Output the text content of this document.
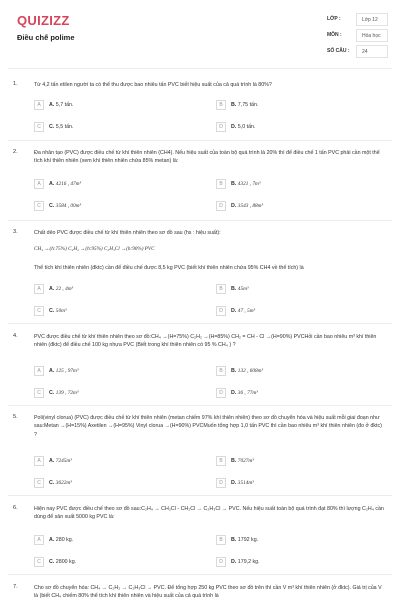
QUIZIZZ
Điều chế polime
LỚP :	Lớp 12
MÔN :	Hóa học
SỐ CÂU :	24
1.	Từ 4,2 tấn etilen người ta có thể thu được bao nhiêu tấn PVC biết hiệu suất của cả quá trình là 80%?
A	A. 5,7 tấn.	B	B. 7,75 tấn.
C	C. 5,5 tấn.	D	D. 5,0 tấn.
2.	Đa nhân tạo (PVC) được điều chế từ khí thiên nhiên (CH4). Nếu hiệu suất của toàn bộ quá trình là 20% thì để điều chế 1 tấn PVC phải cần một thể tích khí thiên nhiên (xem khí thiên nhiên chứa 85% metan) là:
A	A. 4216 , 47m³	B	B. 4321 , 7m³
C	C. 3584 , 00m³	D	D. 3543 , 88m³
3.	Chất dẻo PVC được điều chế từ khí thiên nhiên theo sơ đồ sau (hs : hiệu suất):
CH₄ →(h:75%) C₂H₂ →(h:95%) C₂H₃Cl →(h:90%) PVC
Thể tích khí thiên nhiên (đktc) cần để điều chế được 8,5 kg PVC (biết khí thiên nhiên chứa 95% CH4 về thể tích) là
A	A. 22 , 4m³	B	B. 45m³
C	C. 50m³	D	D. 47 , 5m³
4.	PVC được điều chế từ khí thiên nhiên theo sơ đồ:CH₄ →(H=75%) C₂H₂ →(H=85%) CH₂ = CH - Cl →(H=90%) PVCHỏi cần bao nhiêu m³ khí thiên nhiên (đktc) để điều chế 100 kg nhựa PVC (Biết trong khí thiên nhiên có 95 % CH₄ ) ?
A	A. 125 , 97m³	B	B. 132 , 608m³
C	C. 139 , 72m³	D	D. 36 , 77m³
5.	Poli(vinyl clorua) (PVC) được điều chế từ khí thiên nhiên (metan chiếm 97% khí thiên nhiên) theo sơ đồ chuyển hóa và hiệu suất mỗi giai đoạn như sau:Metan →(H=15%) Axetilen →(H=95%) Vinyl clorua →(H=90%) PVCMuốn tổng hợp 1,0 tấn PVC thì cần bao nhiêu m³ khí thiên nhiên (đo ở đktc) ?
A	A. 7245m³	B	B. 7027m³
C	C. 3622m³	D	D. 3514m³
6.	Hiện nay PVC được điều chế theo sơ đồ sau:C₂H₄ → CH₂Cl - CH₂Cl → C₂H₃Cl → PVC. Nếu hiệu suất toàn bộ quá trình đạt 80% thì lượng C₂H₄ cần dùng để sản xuất 5000 kg PVC là:
A	A. 280 kg.	B	B. 1792 kg.
C	C. 2800 kg.	D	D. 179,2 kg.
7.	Cho sơ đồ chuyển hóa: CH₄ → C₂H₂ → C₂H₃Cl → PVC. Để tổng hợp 250 kg PVC theo sơ đồ trên thì cần V m³ khí thiên nhiên (ở đktc). Giá trị của V là (biết CH₄ chiếm 80% thể tích khí thiên nhiên và hiệu suất của cả quá trình là
